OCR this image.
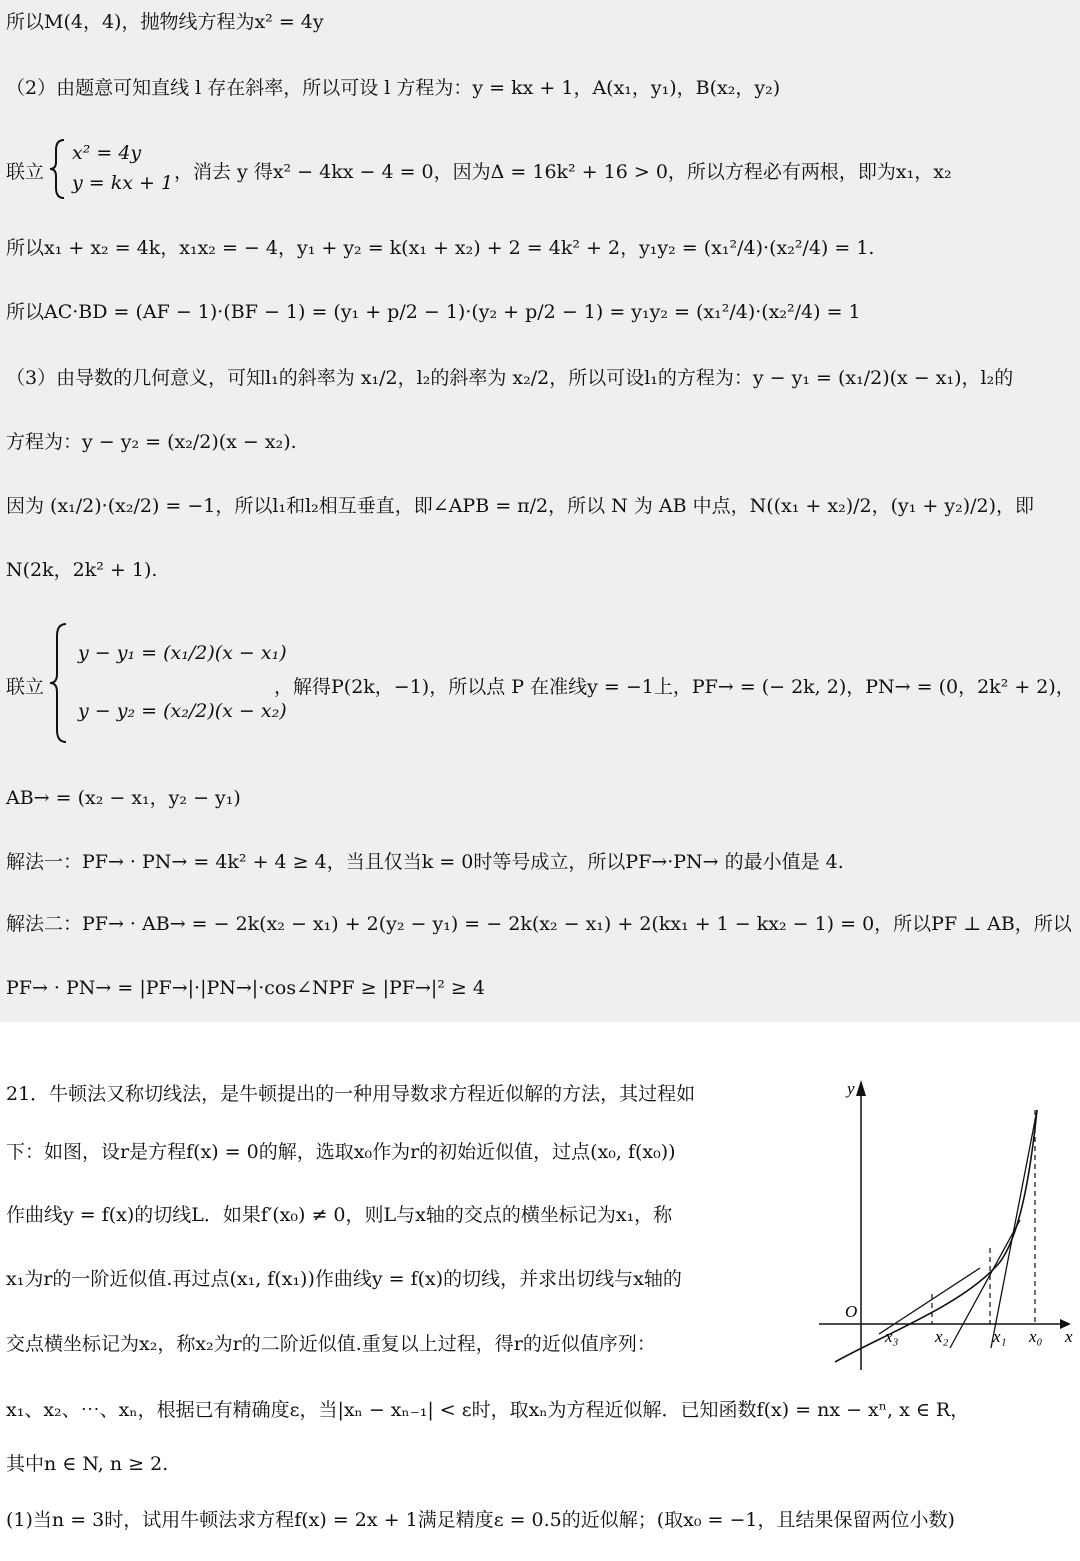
所以M(4，4)，抛物线方程为x² = 4y
（2）由题意可知直线 l 存在斜率，所以可设 l 方程为：y = kx + 1，A(x₁，y₁)，B(x₂，y₂)
联立
x² = 4y
y = kx + 1 ，消去 y 得x² − 4kx − 4 = 0，因为Δ = 16k² + 16 > 0，所以方程必有两根，即为x₁，x₂
所以x₁ + x₂ = 4k，x₁x₂ = − 4，y₁ + y₂ = k(x₁ + x₂) + 2 = 4k² + 2，y₁y₂ = (x₁²/4)·(x₂²/4) = 1.
所以AC·BD = (AF − 1)·(BF − 1) = (y₁ + p/2 − 1)·(y₂ + p/2 − 1) = y₁y₂ = (x₁²/4)·(x₂²/4) = 1
（3）由导数的几何意义，可知l₁的斜率为 x₁/2，l₂的斜率为 x₂/2，所以可设l₁的方程为：y − y₁ = (x₁/2)(x − x₁)，l₂的
方程为：y − y₂ = (x₂/2)(x − x₂).
因为 (x₁/2)·(x₂/2) = −1，所以l₁和l₂相互垂直，即∠APB = π/2，所以 N 为 AB 中点，N((x₁ + x₂)/2，(y₁ + y₂)/2)，即
N(2k，2k² + 1).
联立
y − y₁ = (x₁/2)(x − x₁)
y − y₂ = (x₂/2)(x − x₂)
，解得P(2k，−1)，所以点 P 在准线y = −1上，PF→ = (− 2k, 2)，PN→ = (0，2k² + 2)，
AB→ = (x₂ − x₁，y₂ − y₁)
解法一：PF→ · PN→ = 4k² + 4 ≥ 4，当且仅当k = 0时等号成立，所以PF→·PN→ 的最小值是 4.
解法二：PF→ · AB→ = − 2k(x₂ − x₁) + 2(y₂ − y₁) = − 2k(x₂ − x₁) + 2(kx₁ + 1 − kx₂ − 1) = 0，所以PF ⊥ AB，所以
PF→ · PN→ = |PF→|·|PN→|·cos∠NPF ≥ |PF→|² ≥ 4
21．牛顿法又称切线法，是牛顿提出的一种用导数求方程近似解的方法，其过程如
下：如图，设r是方程f(x) = 0的解，选取x₀作为r的初始近似值，过点(x₀, f(x₀))
作曲线y = f(x)的切线L．如果f′(x₀) ≠ 0，则L与x轴的交点的横坐标记为x₁，称
x₁为r的一阶近似值.再过点(x₁, f(x₁))作曲线y = f(x)的切线，并求出切线与x轴的
交点横坐标记为x₂，称x₂为r的二阶近似值.重复以上过程，得r的近似值序列：
x₁、x₂、⋯、xₙ，根据已有精确度ε，当|xₙ − xₙ₋₁| < ε时，取xₙ为方程近似解．已知函数f(x) = nx − xⁿ, x ∈ R，
其中n ∈ N, n ≥ 2.
(1)当n = 3时，试用牛顿法求方程f(x) = 2x + 1满足精度ε = 0.5的近似解；(取x₀ = −1，且结果保留两位小数)
y
x
O
x₃ x₂	x₁ x₀
